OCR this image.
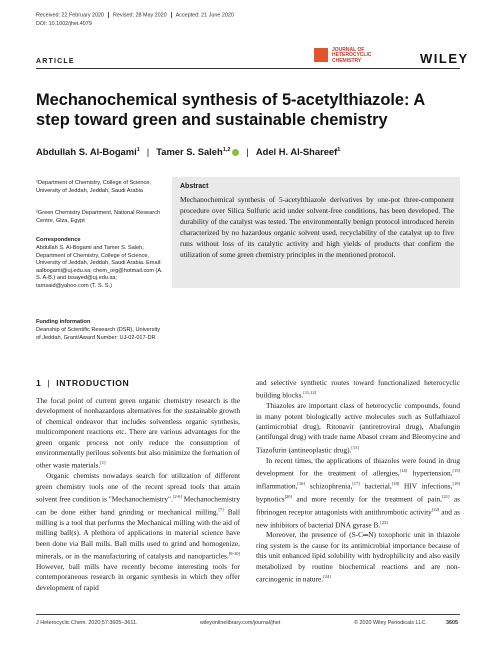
Received: 22 February 2020 Revised: 28 May 2020 Accepted: 21 June 2020
DOI: 10.1002/jhet.4079
JOURNAL OF HETEROCYCLIC CHEMISTRY	WILEY
ARTICLE
Mechanochemical synthesis of 5-acetylthiazole: A step toward green and sustainable chemistry
Abdullah S. Al-Bogami$^1$ | Tamer S. Saleh$^{1,2}$ | Adel H. Al-Shareef$^1$
¹Department of Chemistry, College of Science, University of Jeddah, Jeddah, Saudi Arabia
²Green Chemistry Department, National Research Centre, Giza, Egypt
Correspondence
Abdullah S. Al-Bogami and Tamer S. Saleh, Department of Chemistry, College of Science, University of Jeddah, Jeddah, Saudi Arabia. Email: aalbogami@uj.edu.sa; chem_org@hotmail.com (A. S. A-B.) and tssayed@uj.edu.sa; tamsaid@yahoo.com (T. S. S.)
Funding information
Deanship of Scientific Research (DSR), University of Jeddah, Grant/Award Number: UJ-02-017-DR
Abstract
Mechanochemical synthesis of 5-acetylthiazole derivatives by one-pot three-component procedure over Silica Sulfuric acid under solvent-free conditions, has been developed. The durability of the catalyst was tested. The environmentally benign protocol introduced herein characterized by no hazardous organic solvent used, recyclability of the catalyst up to five runs without loss of its catalytic activity and high yields of products that confirm the utilization of some green chemistry principles in the mentioned protocol.
1 | INTRODUCTION

The focal point of current green organic chemistry research is the development of nonhazardous alternatives for the sustainable growth of chemical endeavor that includes solventless organic synthesis, multicomponent reactions etc. There are various advantages for the green organic process not only reduce the consumption of environmentally perilous solvents but also minimize the formation of other waste materials.[1]

Organic chemists nowadays search for utilization of different green chemistry tools one of the recent spread tools that attain solvent free condition is "Mechanochemistry".[2-6] Mechanochemistry can be done either hand grinding or mechanical milling.[7] Ball milling is a tool that performs the Mechanical milling with the aid of milling ball(s). A plethora of applications in material science have been done via Ball mills. Ball mills used to grind and homogenize, minerals, or in the manufacturing of catalysts and nanoparticles.[8-10] However, ball mills have recently become interesting tools for contemporaneous research in organic synthesis in which they offer development of rapid

and selective synthetic routes toward functionalized heterocyclic building blocks.[11,12]

Thiazoles are important class of heterocyclic compounds, found in many potent biologically active molecules such as Sulfathiazol (antimicrobial drug), Ritonavir (antiretroviral drug), Abafungin (antifungal drug) with trade name Abasol cream and Bleomycine and Tiazofurin (antineoplastic drug).[13]

In recent times, the applications of thiazoles were found in drug development for the treatment of allergies,[14] hypertension,[15] inflammation,[16] schizophrenia,[17] bacterial,[18] HIV infections,[19] hypnotics[20] and more recently for the treatment of pain,[21] as fibrinogen receptor antagonists with antithrombotic activity[22] and as new inhibitors of bacterial DNA gyrase B.[23]

Moreover, the presence of (S-C═N) toxophoric unit in thiazole ring system is the cause for its antimicrobial importance because of this unit enhanced lipid solubility with hydrophilicity and also easily metabolized by routine biochemical reactions and are non-carcinogenic in nature.[24]

J Heterocyclic Chem. 2020;57:3605–3611.	wileyonlinelibrary.com/journal/jhet	© 2020 Wiley Periodicals LLC.	3605
